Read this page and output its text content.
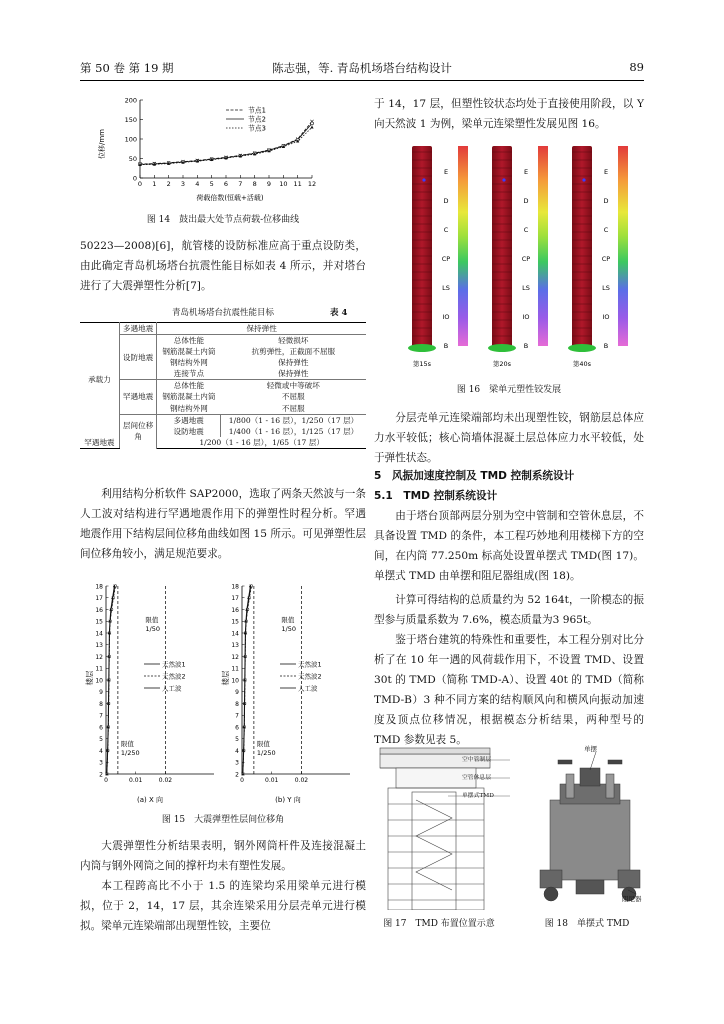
第 50 卷 第 19 期	陈志强，等. 青岛机场塔台结构设计	89
0
50
100
150
200
0 1 2 3 4 5 6 7 8 9 10 11 12
节点1
节点2
节点3
位移/mm
荷载倍数(恒载+活载)
图 14　鼓出最大处节点荷载-位移曲线
50223—2008)[6]，航管楼的设防标准应高于重点设防类，由此确定青岛机场塔台抗震性能目标如表 4 所示，并对塔台进行了大震弹塑性分析[7]。
青岛机场塔台抗震性能目标	表 4
承载力	多遇地震	保持弹性	
	设防地震	总体性能	轻微损坏
		钢筋混凝土内筒	抗剪弹性，正截面不屈服
		钢结构外网	保持弹性
		连接节点	保持弹性
	罕遇地震	总体性能	轻微或中等破坏
		钢筋混凝土内筒	不屈服
		钢结构外网	不屈服
	层间位移角	多遇地震	1/800（1 - 16 层），1/250（17 层）
		设防地震	1/400（1 - 16 层），1/125（17 层）
罕遇地震		1/200（1 - 16 层），1/65（17 层）	
利用结构分析软件 SAP2000，选取了两条天然波与一条人工波对结构进行罕遇地震作用下的弹塑性时程分析。罕遇地震作用下结构层间位移角曲线如图 15 所示。可见弹塑性层间位移角较小，满足规范要求。
2
3
4
5
6
7
8
9
10
11
12
13
14
15
16
17
18
0	0.01	0.02
限值
1/50
限值
1/250
天然波1
天然波2
人工波
2
3
4
5
6
7
8
9
10
11
12
13
14
15
16
17
18
0	0.01	0.02
限值
1/50
限值
1/250
天然波1
天然波2
人工波
楼层	楼层
(a) X 向	(b) Y 向
图 15　大震弹塑性层间位移角
大震弹塑性分析结果表明，钢外网筒杆件及连接混凝土内筒与钢外网筒之间的撑杆均未有塑性发展。
本工程跨高比不小于 1.5 的连梁均采用梁单元进行模拟，位于 2，14，17 层，其余连梁采用分层壳单元进行模拟。梁单元连梁端部出现塑性铰，主要位
于 14，17 层，但塑性铰状态均处于直接使用阶段，以 Y 向天然波 1 为例，梁单元连梁塑性发展见图 16。
E
D
C
CP
LS
IO
B
第15s
E
D
C
CP
LS
IO
B
第20s
E
D
C
CP
LS
IO
B
第40s
图 16　梁单元塑性铰发展
分层壳单元连梁端部均未出现塑性铰，钢筋层总体应力水平较低；核心筒墙体混凝土层总体应力水平较低，处于弹性状态。
5　风振加速度控制及 TMD 控制系统设计
5.1　TMD 控制系统设计
由于塔台顶部两层分别为空中管制和空管休息层，不具备设置 TMD 的条件，本工程巧妙地利用楼梯下方的空间，在内筒 77.250m 标高处设置单摆式 TMD(图 17)。单摆式 TMD 由单摆和阻尼器组成(图 18)。
计算可得结构的总质量约为 52 164t，一阶模态的振型参与质量系数为 7.6%，模态质量为3 965t。
鉴于塔台建筑的特殊性和重要性，本工程分别对比分析了在 10 年一遇的风荷载作用下，不设置 TMD、设置 30t 的 TMD（简称 TMD-A）、设置 40t 的 TMD（简称 TMD-B）3 种不同方案的结构顺风向和横风向振动加速度及顶点位移情况，根据模态分析结果，两种型号的 TMD 参数见表 5。
空中管制层
空管休息层
单摆式TMD
图 17　TMD 布置位置示意
单摆
阻尼器
图 18　单摆式 TMD
